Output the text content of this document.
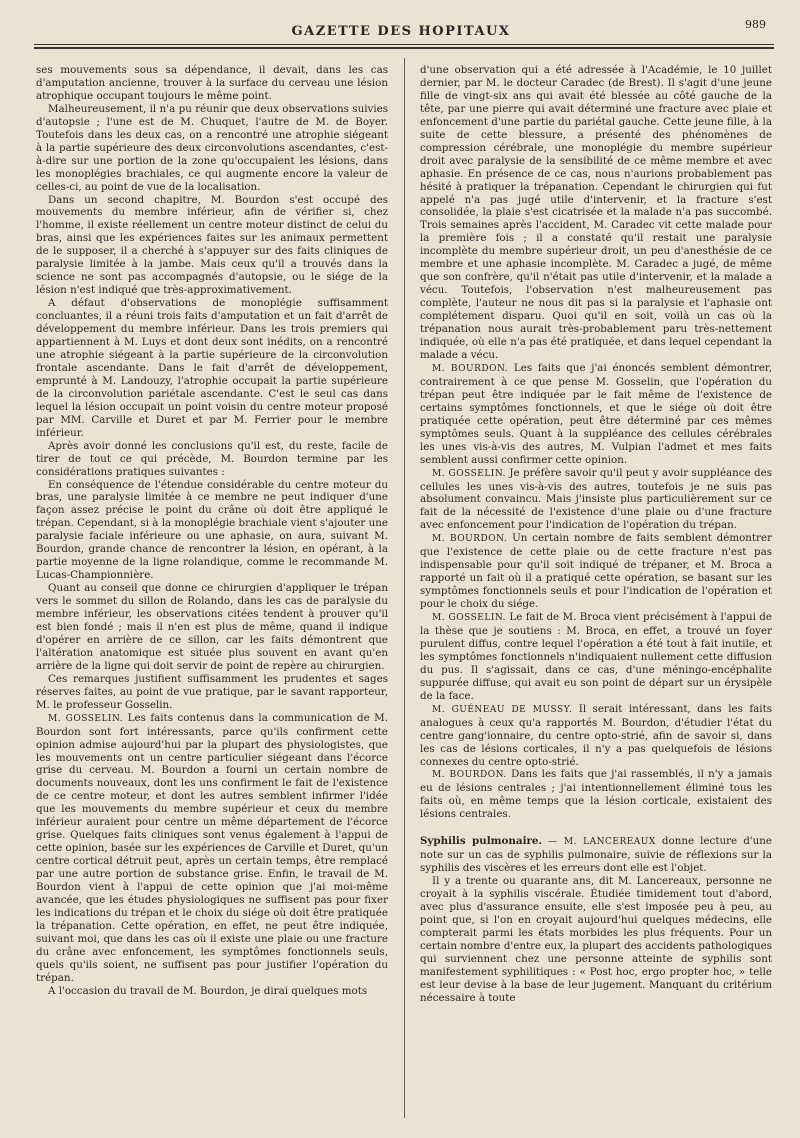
GAZETTE DES HOPITAUX	989

ses mouvements sous sa dépendance, il devait, dans les cas d'amputation ancienne, trouver à la surface du cerveau une lésion atrophique occupant toujours le même point.

Malheureusement, il n'a pu réunir que deux observations suivies d'autopsie ; l'une est de M. Chuquet, l'autre de M. de Boyer. Toutefois dans les deux cas, on a rencontré une atrophie siégeant à la partie supérieure des deux circonvolutions ascendantes, c'est-à-dire sur une portion de la zone qu'occupaient les lésions, dans les monoplégies brachiales, ce qui augmente encore la valeur de celles-ci, au point de vue de la localisation.

Dans un second chapitre, M. Bourdon s'est occupé des mouvements du membre inférieur, afin de vérifier si, chez l'homme, il existe réellement un centre moteur distinct de celui du bras, ainsi que les expériences faites sur les animaux permettent de le supposer, il a cherché à s'appuyer sur des faits cliniques de paralysie limitée à la jambe. Mais ceux qu'il a trouvés dans la science ne sont pas accompagnés d'autopsie, ou le siége de la lésion n'est indiqué que très-approximativement.

A défaut d'observations de monoplégie suffisamment concluantes, il a réuni trois faits d'amputation et un fait d'arrêt de développement du membre inférieur. Dans les trois premiers qui appartiennent à M. Luys et dont deux sont inédits, on a rencontré une atrophie siégeant à la partie supérieure de la circonvolution frontale ascendante. Dans le fait d'arrêt de développement, emprunté à M. Landouzy, l'atrophie occupait la partie supérieure de la circonvolution pariétale ascendante. C'est le seul cas dans lequel la lésion occupait un point voisin du centre moteur proposé par MM. Carville et Duret et par M. Ferrier pour le membre inférieur.

Après avoir donné les conclusions qu'il est, du reste, facile de tirer de tout ce qui précède, M. Bourdon termine par les considérations pratiques suivantes :

En conséquence de l'étendue considérable du centre moteur du bras, une paralysie limitée à ce membre ne peut indiquer d'une façon assez précise le point du crâne où doit être appliqué le trépan. Cependant, si à la monoplégie brachiale vient s'ajouter une paralysie faciale inférieure ou une aphasie, on aura, suivant M. Bourdon, grande chance de rencontrer la lésion, en opérant, à la partie moyenne de la ligne rolandique, comme le recommande M. Lucas-Championnière.

Quant au conseil que donne ce chirurgien d'appliquer le trépan vers le sommet du sillon de Rolando, dans les cas de paralysie du membre inférieur, les observations citées tendent à prouver qu'il est bien fondé ; mais il n'en est plus de même, quand il indique d'opérer en arrière de ce sillon, car les faits démontrent que l'altération anatomique est située plus souvent en avant qu'en arrière de la ligne qui doit servir de point de repère au chirurgien.

Ces remarques justifient suffisamment les prudentes et sages réserves faites, au point de vue pratique, par le savant rapporteur, M. le professeur Gosselin.

M. GOSSELIN. Les faits contenus dans la communication de M. Bourdon sont fort intéressants, parce qu'ils confirment cette opinion admise aujourd'hui par la plupart des physiologistes, que les mouvements ont un centre particulier siégeant dans l'écorce grise du cerveau. M. Bourdon a fourni un certain nombre de documents nouveaux, dont les uns confirment le fait de l'existence de ce centre moteur, et dont les autres semblent infirmer l'idée que les mouvements du membre supérieur et ceux du membre inférieur auraient pour centre un même département de l'écorce grise. Quelques faits cliniques sont venus également à l'appui de cette opinion, basée sur les expériences de Carville et Duret, qu'un centre cortical détruit peut, après un certain temps, être remplacé par une autre portion de substance grise. Enfin, le travail de M. Bourdon vient à l'appui de cette opinion que j'ai moi-même avancée, que les études physiologiques ne suffisent pas pour fixer les indications du trépan et le choix du siége où doit être pratiquée la trépanation. Cette opération, en effet, ne peut être indiquée, suivant moi, que dans les cas où il existe une plaie ou une fracture du crâne avec enfoncement, les symptômes fonctionnels seuls, quels qu'ils soient, ne suffisent pas pour justifier l'opération du trépan.

A l'occasion du travail de M. Bourdon, je dirai quelques mots

d'une observation qui a été adressée à l'Académie, le 10 juillet dernier, par M. le docteur Caradec (de Brest). Il s'agit d'une jeune fille de vingt-six ans qui avait été blessée au côté gauche de la tête, par une pierre qui avait déterminé une fracture avec plaie et enfoncement d'une partie du pariétal gauche. Cette jeune fille, à la suite de cette blessure, a présenté des phénomènes de compression cérébrale, une monoplégie du membre supérieur droit avec paralysie de la sensibilité de ce même membre et avec aphasie. En présence de ce cas, nous n'aurions probablement pas hésité à pratiquer la trépanation. Cependant le chirurgien qui fut appelé n'a pas jugé utile d'intervenir, et la fracture s'est consolidée, la plaie s'est cicatrisée et la malade n'a pas succombé. Trois semaines après l'accident, M. Caradec vit cette malade pour la première fois ; il a constaté qu'il restait une paralysie incomplète du membre supérieur droit, un peu d'anesthésie de ce membre et une aphasie incomplète. M. Caradec a jugé, de même que son confrère, qu'il n'était pas utile d'intervenir, et la malade a vécu. Toutefois, l'observation n'est malheureusement pas complète, l'auteur ne nous dit pas si la paralysie et l'aphasie ont complétement disparu. Quoi qu'il en soit, voilà un cas où la trépanation nous aurait très-probablement paru très-nettement indiquée, où elle n'a pas été pratiquée, et dans lequel cependant la malade a vécu.

M. BOURDON. Les faits que j'ai énoncés semblent démontrer, contrairement à ce que pense M. Gosselin, que l'opération du trépan peut être indiquée par le fait même de l'existence de certains symptômes fonctionnels, et que le siége où doit être pratiquée cette opération, peut être déterminé par ces mêmes symptômes seuls. Quant à la suppléance des cellules cérébrales les unes vis-à-vis des autres, M. Vulpian l'admet et mes faits semblent aussi confirmer cette opinion.

M. GOSSELIN. Je préfère savoir qu'il peut y avoir suppléance des cellules les unes vis-à-vis des autres, toutefois je ne suis pas absolument convaincu. Mais j'insiste plus particulièrement sur ce fait de la nécessité de l'existence d'une plaie ou d'une fracture avec enfoncement pour l'indication de l'opération du trépan.

M. BOURDON. Un certain nombre de faits semblent démontrer que l'existence de cette plaie ou de cette fracture n'est pas indispensable pour qu'il soit indiqué de trépaner, et M. Broca a rapporté un fait où il a pratiqué cette opération, se basant sur les symptômes fonctionnels seuls et pour l'indication de l'opération et pour le choix du siége.

M. GOSSELIN. Le fait de M. Broca vient précisément à l'appui de la thèse que je soutiens : M. Broca, en effet, a trouvé un foyer purulent diffus, contre lequel l'opération a été tout à fait inutile, et les symptômes fonctionnels n'indiquaient nullement cette diffusion du pus. Il s'agissait, dans ce cas, d'une méningo-encéphalite suppurée diffuse, qui avait eu son point de départ sur un érysipèle de la face.

M. GUÉNEAU DE MUSSY. Il serait intéressant, dans les faits analogues à ceux qu'a rapportés M. Bourdon, d'étudier l'état du centre gang'ionnaire, du centre opto-strié, afin de savoir si, dans les cas de lésions corticales, il n'y a pas quelquefois de lésions connexes du centre opto-strié.

M. BOURDON. Dans les faits que j'ai rassemblés, il n'y a jamais eu de lésions centrales ; j'ai intentionnellement éliminé tous les faits où, en même temps que la lésion corticale, existaient des lésions centrales.

Syphilis pulmonaire. — M. LANCEREAUX donne lecture d'une note sur un cas de syphilis pulmonaire, suivie de réflexions sur la syphilis des viscères et les erreurs dont elle est l'objet.

Il y a trente ou quarante ans, dit M. Lancereaux, personne ne croyait à la syphilis viscérale. Étudiée timidement tout d'abord, avec plus d'assurance ensuite, elle s'est imposée peu à peu, au point que, si l'on en croyait aujourd'hui quelques médecins, elle compterait parmi les états morbides les plus fréquents. Pour un certain nombre d'entre eux, la plupart des accidents pathologiques qui surviennent chez une personne atteinte de syphilis sont manifestement syphilitiques : « Post hoc, ergo propter hoc, » telle est leur devise à la base de leur jugement. Manquant du critérium nécessaire à toute
